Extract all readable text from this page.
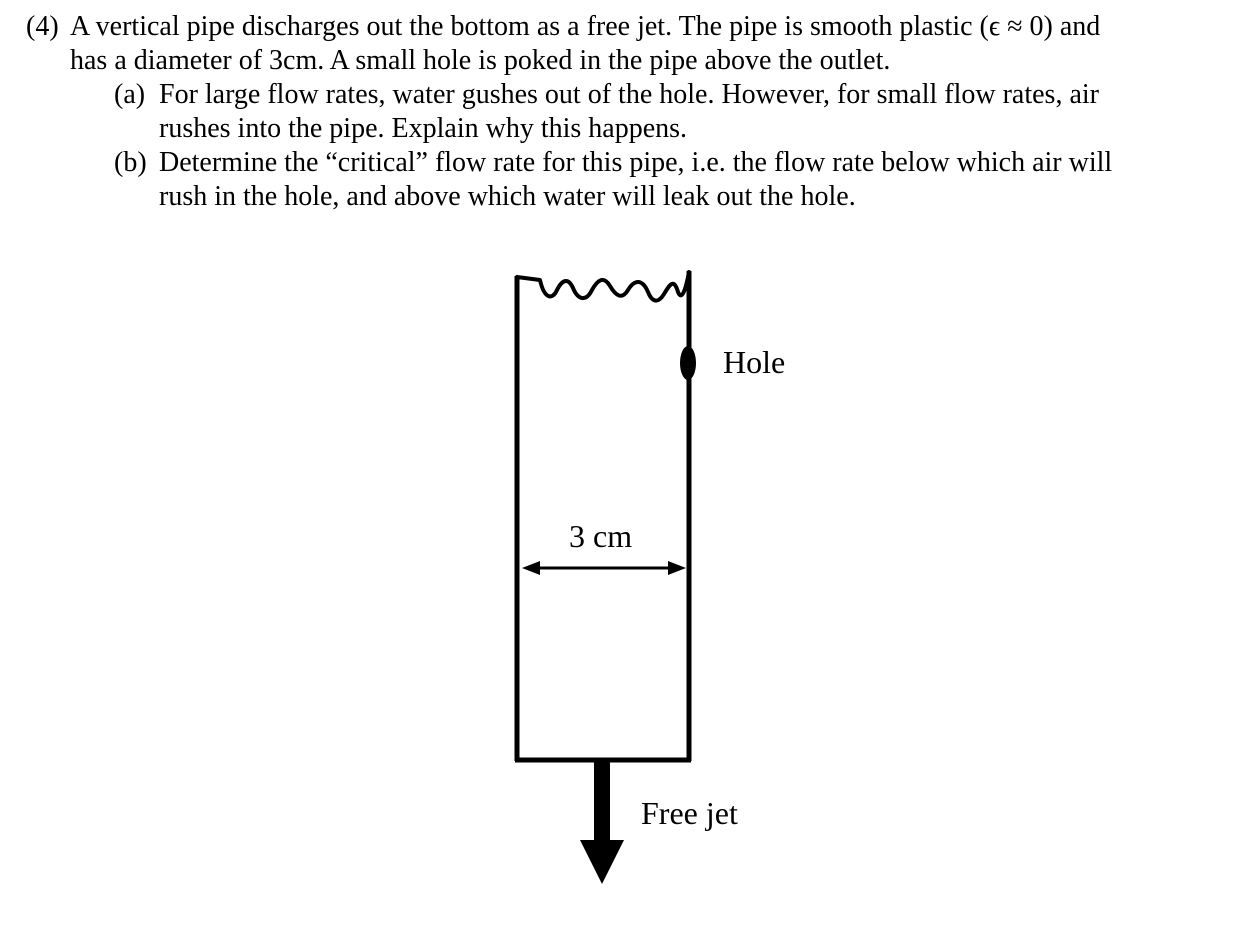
(4) A vertical pipe discharges out the bottom as a free jet. The pipe is smooth plastic (ϵ ≈ 0) and
has a diameter of 3cm. A small hole is poked in the pipe above the outlet.
(a) For large flow rates, water gushes out of the hole. However, for small flow rates, air
rushes into the pipe. Explain why this happens.
(b) Determine the “critical” flow rate for this pipe, i.e. the flow rate below which air will
rush in the hole, and above which water will leak out the hole.
Hole
3 cm
Free jet
